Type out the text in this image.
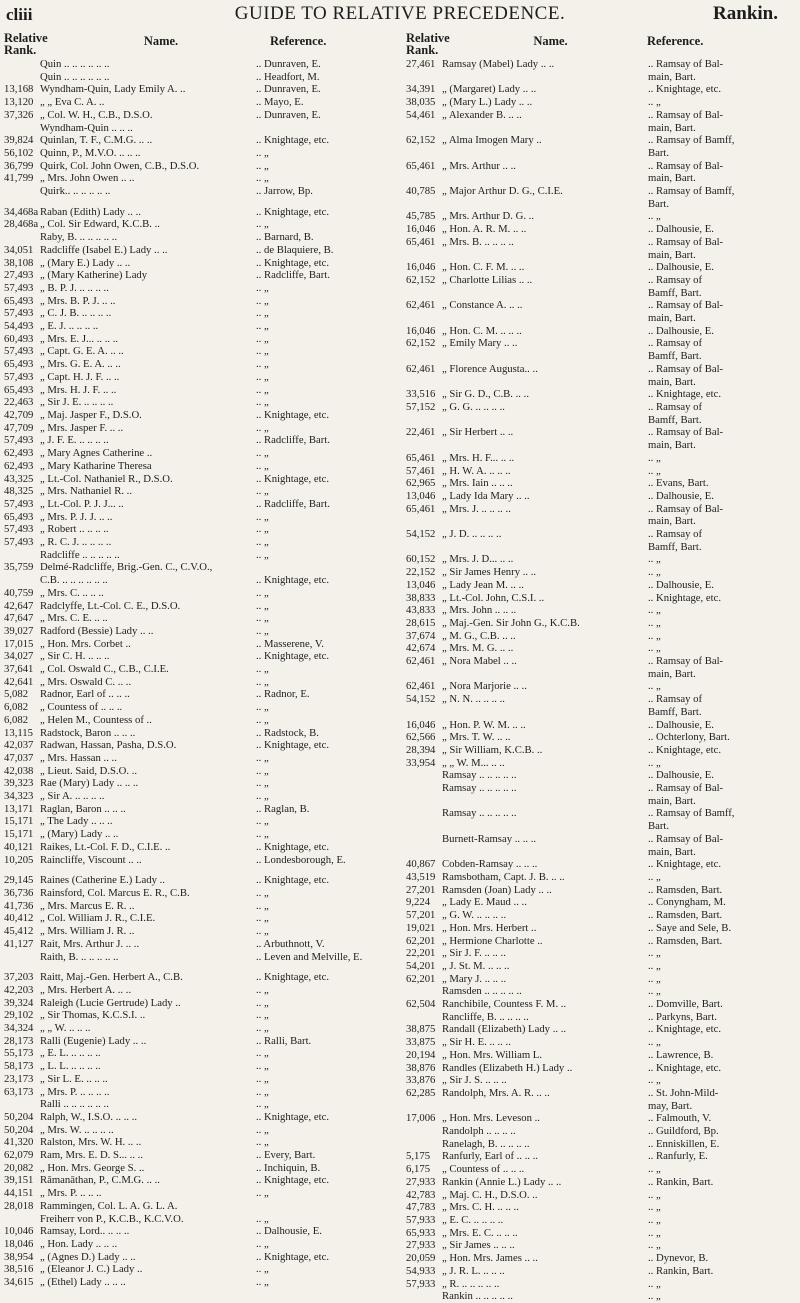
cliii	GUIDE TO RELATIVE PRECEDENCE.	Rankin.
Relative Rank.
Name.	Reference.
Quin .. .. .. .. .. ..	.. Dunraven, E.
Quin .. .. .. .. .. ..	.. Headfort, M.
13,168 Wyndham-Quin, Lady Emily A. ..	.. Dunraven, E.
13,120 „ „ Eva C. A. ..	.. Mayo, E.
37,326 „ Col. W. H., C.B., D.S.O.	.. Dunraven, E.
Wyndham-Quin .. .. ..
39,824 Quinlan, T. F., C.M.G. .. ..	.. Knightage, etc.
56,102 Quinn, P., M.V.O. .. .. ..	.. „
36,799 Quirk, Col. John Owen, C.B., D.S.O.	.. „
41,799 „ Mrs. John Owen .. ..	.. „
Quirk.. .. .. .. .. ..	.. Jarrow, Bp.
34,468a Raban (Edith) Lady .. ..	.. Knightage, etc.
28,468a „ Col. Sir Edward, K.C.B. ..	.. „
Raby, B. .. .. .. .. ..	.. Barnard, B.
34,051 Radcliffe (Isabel E.) Lady .. ..	.. de Blaquiere, B.
38,108 „ (Mary E.) Lady .. ..	.. Knightage, etc.
27,493 „ (Mary Katherine) Lady	.. Radcliffe, Bart.
57,493 „ B. P. J. .. .. .. ..	.. „
65,493 „ Mrs. B. P. J. .. ..	.. „
57,493 „ C. J. B. .. .. .. ..	.. „
54,493 „ E. J. .. .. .. ..	.. „
60,493 „ Mrs. E. J... .. .. ..	.. „
57,493 „ Capt. G. E. A. .. ..	.. „
65,493 „ Mrs. G. E. A. .. ..	.. „
57,493 „ Capt. H. J. F. .. ..	.. „
65,493 „ Mrs. H. J. F. .. ..	.. „
22,463 „ Sir J. E. .. .. .. ..	.. „
42,709 „ Maj. Jasper F., D.S.O.	.. Knightage, etc.
47,709 „ Mrs. Jasper F. .. ..	.. „
57,493 „ J. F. E. .. .. .. ..	.. Radcliffe, Bart.
62,493 „ Mary Agnes Catherine ..	.. „
62,493 „ Mary Katharine Theresa	.. „
43,325 „ Lt.-Col. Nathaniel R., D.S.O.	.. Knightage, etc.
48,325 „ Mrs. Nathaniel R. ..	.. „
57,493 „ Lt.-Col. P. J. J... ..	.. Radcliffe, Bart.
65,493 „ Mrs. P. J. J. .. ..	.. „
57,493 „ Robert .. .. .. ..	.. „
57,493 „ R. C. J. .. .. .. ..	.. „
Radcliffe .. .. .. .. ..	.. „
35,759 Delmé-Radcliffe, Brig.-Gen. C., C.V.O.,
C.B. .. .. .. .. .. ..	.. Knightage, etc.
40,759 „ Mrs. C. .. .. ..	.. „
42,647 Radclyffe, Lt.-Col. C. E., D.S.O.	.. „
47,647 „ Mrs. C. E. .. ..	.. „
39,027 Radford (Bessie) Lady .. ..	.. „
17,015 „ Hon. Mrs. Corbet ..	.. Masserene, V.
34,027 „ Sir C. H. .. .. ..	.. Knightage, etc.
37,641 „ Col. Oswald C., C.B., C.I.E.	.. „
42,641 „ Mrs. Oswald C. .. ..	.. „
5,082	Radnor, Earl of .. .. ..	.. Radnor, E.
6,082	„ Countess of .. .. ..	.. „
6,082	„ Helen M., Countess of ..	.. „
13,115 Radstock, Baron .. .. ..	.. Radstock, B.
42,037 Radwan, Hassan, Pasha, D.S.O.	.. Knightage, etc.
47,037 „ Mrs. Hassan .. ..	.. „
42,038 „ Lieut. Said, D.S.O. ..	.. „
39,323 Rae (Mary) Lady .. .. ..	.. „
34,323 „ Sir A. .. .. .. ..	.. „
13,171 Raglan, Baron .. .. ..	.. Raglan, B.
15,171 „ The Lady .. .. ..	.. „
15,171 „ (Mary) Lady .. ..	.. „
40,121 Raikes, Lt.-Col. F. D., C.I.E. ..	.. Knightage, etc.
10,205 Raincliffe, Viscount .. ..	.. Londesborough, E.
29,145 Raines (Catherine E.) Lady ..	.. Knightage, etc.
36,736 Rainsford, Col. Marcus E. R., C.B.	.. „
41,736 „ Mrs. Marcus E. R. ..	.. „
40,412 „ Col. William J. R., C.I.E.	.. „
45,412 „ Mrs. William J. R. ..	.. „
41,127 Rait, Mrs. Arthur J. .. ..	.. Arbuthnott, V.
Raith, B. .. .. .. .. ..	.. Leven and Melville, E.
37,203 Raitt, Maj.-Gen. Herbert A., C.B.	.. Knightage, etc.
42,203 „ Mrs. Herbert A. .. ..	.. „
39,324 Raleigh (Lucie Gertrude) Lady ..	.. „
29,102 „ Sir Thomas, K.C.S.I. ..	.. „
34,324 „ „ W. .. .. ..	.. „
28,173 Ralli (Eugenie) Lady .. ..	.. Ralli, Bart.
55,173 „ E. L. .. .. .. ..	.. „
58,173 „ L. L. .. .. .. ..	.. „
23,173 „ Sir L. E. .. .. ..	.. „
63,173 „ Mrs. P. .. .. .. ..	.. „
Ralli .. .. .. .. .. ..	.. „
50,204 Ralph, W., I.S.O. .. .. ..	.. Knightage, etc.
50,204 „ Mrs. W. .. .. .. ..	.. „
41,320 Ralston, Mrs. W. H. .. ..	.. „
62,079 Ram, Mrs. E. D. S... .. ..	.. Every, Bart.
20,082 „ Hon. Mrs. George S. ..	.. Inchiquin, B.
39,151 Rāmanāthan, P., C.M.G. .. ..	.. Knightage, etc.
44,151 „ Mrs. P. .. .. ..	.. „
28,018 Rammingen, Col. L. A. G. L. A.
Freiherr von P., K.C.B., K.C.V.O.	.. „
10,046 Ramsay, Lord.. .. .. ..	.. Dalhousie, E.
18,046 „ Hon. Lady .. .. ..	.. „
38,954 „ (Agnes D.) Lady .. ..	.. Knightage, etc.
38,516 „ (Eleanor J. C.) Lady ..	.. „
34,615 „ (Ethel) Lady .. .. ..	.. „
Relative Rank.
Name.	Reference.
27,461 Ramsay (Mabel) Lady .. ..	.. Ramsay of Bal-
main, Bart.
34,391 „ (Margaret) Lady .. ..	.. Knightage, etc.
38,035 „ (Mary L.) Lady .. ..	.. „
54,461 „ Alexander B. .. ..	.. Ramsay of Bal-
main, Bart.
62,152 „ Alma Imogen Mary ..	.. Ramsay of Bamff,
Bart.
65,461 „ Mrs. Arthur .. ..	.. Ramsay of Bal-
main, Bart.
40,785 „ Major Arthur D. G., C.I.E.	.. Ramsay of Bamff,
Bart.
45,785 „ Mrs. Arthur D. G. ..	.. „
16,046 „ Hon. A. R. M. .. ..	.. Dalhousie, E.
65,461 „ Mrs. B. .. .. .. ..	.. Ramsay of Bal-
main, Bart.
16,046 „ Hon. C. F. M. .. ..	.. Dalhousie, E.
62,152 „ Charlotte Lilias .. ..	.. Ramsay of
Bamff, Bart.
62,461 „ Constance A. .. ..	.. Ramsay of Bal-
main, Bart.
16,046 „ Hon. C. M. .. .. ..	.. Dalhousie, E.
62,152 „ Emily Mary .. ..	.. Ramsay of
Bamff, Bart.
62,461 „ Florence Augusta.. ..	.. Ramsay of Bal-
main, Bart.
33,516 „ Sir G. D., C.B. .. ..	.. Knightage, etc.
57,152 „ G. G. .. .. .. ..	.. Ramsay of
Bamff, Bart.
22,461 „ Sir Herbert .. ..	.. Ramsay of Bal-
main, Bart.
65,461 „ Mrs. H. F... .. ..	.. „
57,461 „ H. W. A. .. .. ..	.. „
62,965 „ Mrs. Iain .. .. ..	.. Evans, Bart.
13,046 „ Lady Ida Mary .. ..	.. Dalhousie, E.
65,461 „ Mrs. J. .. .. .. ..	.. Ramsay of Bal-
main, Bart.
54,152 „ J. D. .. .. .. ..	.. Ramsay of
Bamff, Bart.
60,152 „ Mrs. J. D... .. ..	.. „
22,152 „ Sir James Henry .. ..	.. „
13,046 „ Lady Jean M. .. ..	.. Dalhousie, E.
38,833 „ Lt.-Col. John, C.S.I. ..	.. Knightage, etc.
43,833 „ Mrs. John .. .. ..	.. „
28,615 „ Maj.-Gen. Sir John G., K.C.B.	.. „
37,674 „ M. G., C.B. .. ..	.. „
42,674 „ Mrs. M. G. .. ..	.. „
62,461 „ Nora Mabel .. ..	.. Ramsay of Bal-
main, Bart.
62,461 „ Nora Marjorie .. ..	.. „
54,152 „ N. N. .. .. .. ..	.. Ramsay of
Bamff, Bart.
16,046 „ Hon. P. W. M. .. ..	.. Dalhousie, E.
62,566 „ Mrs. T. W. .. ..	.. Ochterlony, Bart.
28,394 „ Sir William, K.C.B. ..	.. Knightage, etc.
33,954 „ „ W. M... .. ..	.. „
Ramsay .. .. .. .. ..	.. Dalhousie, E.
Ramsay .. .. .. .. ..	.. Ramsay of Bal-
main, Bart.
Ramsay .. .. .. .. ..	.. Ramsay of Bamff,
Bart.
Burnett-Ramsay .. .. ..	.. Ramsay of Bal-
main, Bart.
40,867 Cobden-Ramsay .. .. ..	.. Knightage, etc.
43,519 Ramsbotham, Capt. J. B. .. ..	.. „
27,201 Ramsden (Joan) Lady .. ..	.. Ramsden, Bart.
9,224	„ Lady E. Maud .. ..	.. Conyngham, M.
57,201 „ G. W. .. .. .. ..	.. Ramsden, Bart.
19,021 „ Hon. Mrs. Herbert ..	.. Saye and Sele, B.
62,201 „ Hermione Charlotte ..	.. Ramsden, Bart.
22,201 „ Sir J. F. .. .. ..	.. „
54,201 „ J. St. M. .. .. ..	.. „
62,201 „ Mary J. .. .. ..	.. „
Ramsden .. .. .. .. ..	.. „
62,504 Ranchibile, Countess F. M. ..	.. Domville, Bart.
Rancliffe, B. .. .. .. ..	.. Parkyns, Bart.
38,875 Randall (Elizabeth) Lady .. ..	.. Knightage, etc.
33,875 „ Sir H. E. .. .. ..	.. „
20,194 „ Hon. Mrs. William L.	.. Lawrence, B.
38,876 Randles (Elizabeth H.) Lady ..	.. Knightage, etc.
33,876 „ Sir J. S. .. .. ..	.. „
62,285 Randolph, Mrs. A. R. .. ..	.. St. John-Mild-
may, Bart.
17,006 „ Hon. Mrs. Leveson ..	.. Falmouth, V.
Randolph .. .. .. ..	.. Guildford, Bp.
Ranelagh, B. .. .. .. ..	.. Enniskillen, E.
5,175	Ranfurly, Earl of .. .. ..	.. Ranfurly, E.
6,175	„ Countess of .. .. ..	.. „
27,933 Rankin (Annie L.) Lady .. ..	.. Rankin, Bart.
42,783 „ Maj. C. H., D.S.O. ..	.. „
47,783 „ Mrs. C. H. .. .. ..	.. „
57,933 „ E. C. .. .. .. ..	.. „
65,933 „ Mrs. E. C. .. .. ..	.. „
27,933 „ Sir James .. .. ..	.. „
20,059 „ Hon. Mrs. James .. ..	.. Dynevor, B.
54,933 „ J. R. L. .. .. ..	.. Rankin, Bart.
57,933 „ R. .. .. .. .. ..	.. „
Rankin .. .. .. .. ..	.. „
